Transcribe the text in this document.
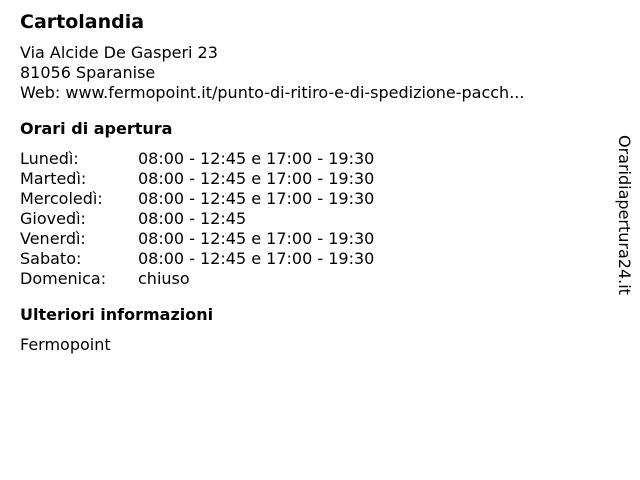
Cartolandia
Via Alcide De Gasperi 23
81056 Sparanise
Web: www.fermopoint.it/punto-di-ritiro-e-di-spedizione-pacch...
Orari di apertura
Lunedì:	08:00 - 12:45 e 17:00 - 19:30
Martedì:	08:00 - 12:45 e 17:00 - 19:30
Mercoledì:	08:00 - 12:45 e 17:00 - 19:30
Giovedì:	08:00 - 12:45
Venerdì:	08:00 - 12:45 e 17:00 - 19:30
Sabato:	08:00 - 12:45 e 17:00 - 19:30
Domenica:	chiuso
Ulteriori informazioni
Fermopoint
Oraridiapertura24.it
